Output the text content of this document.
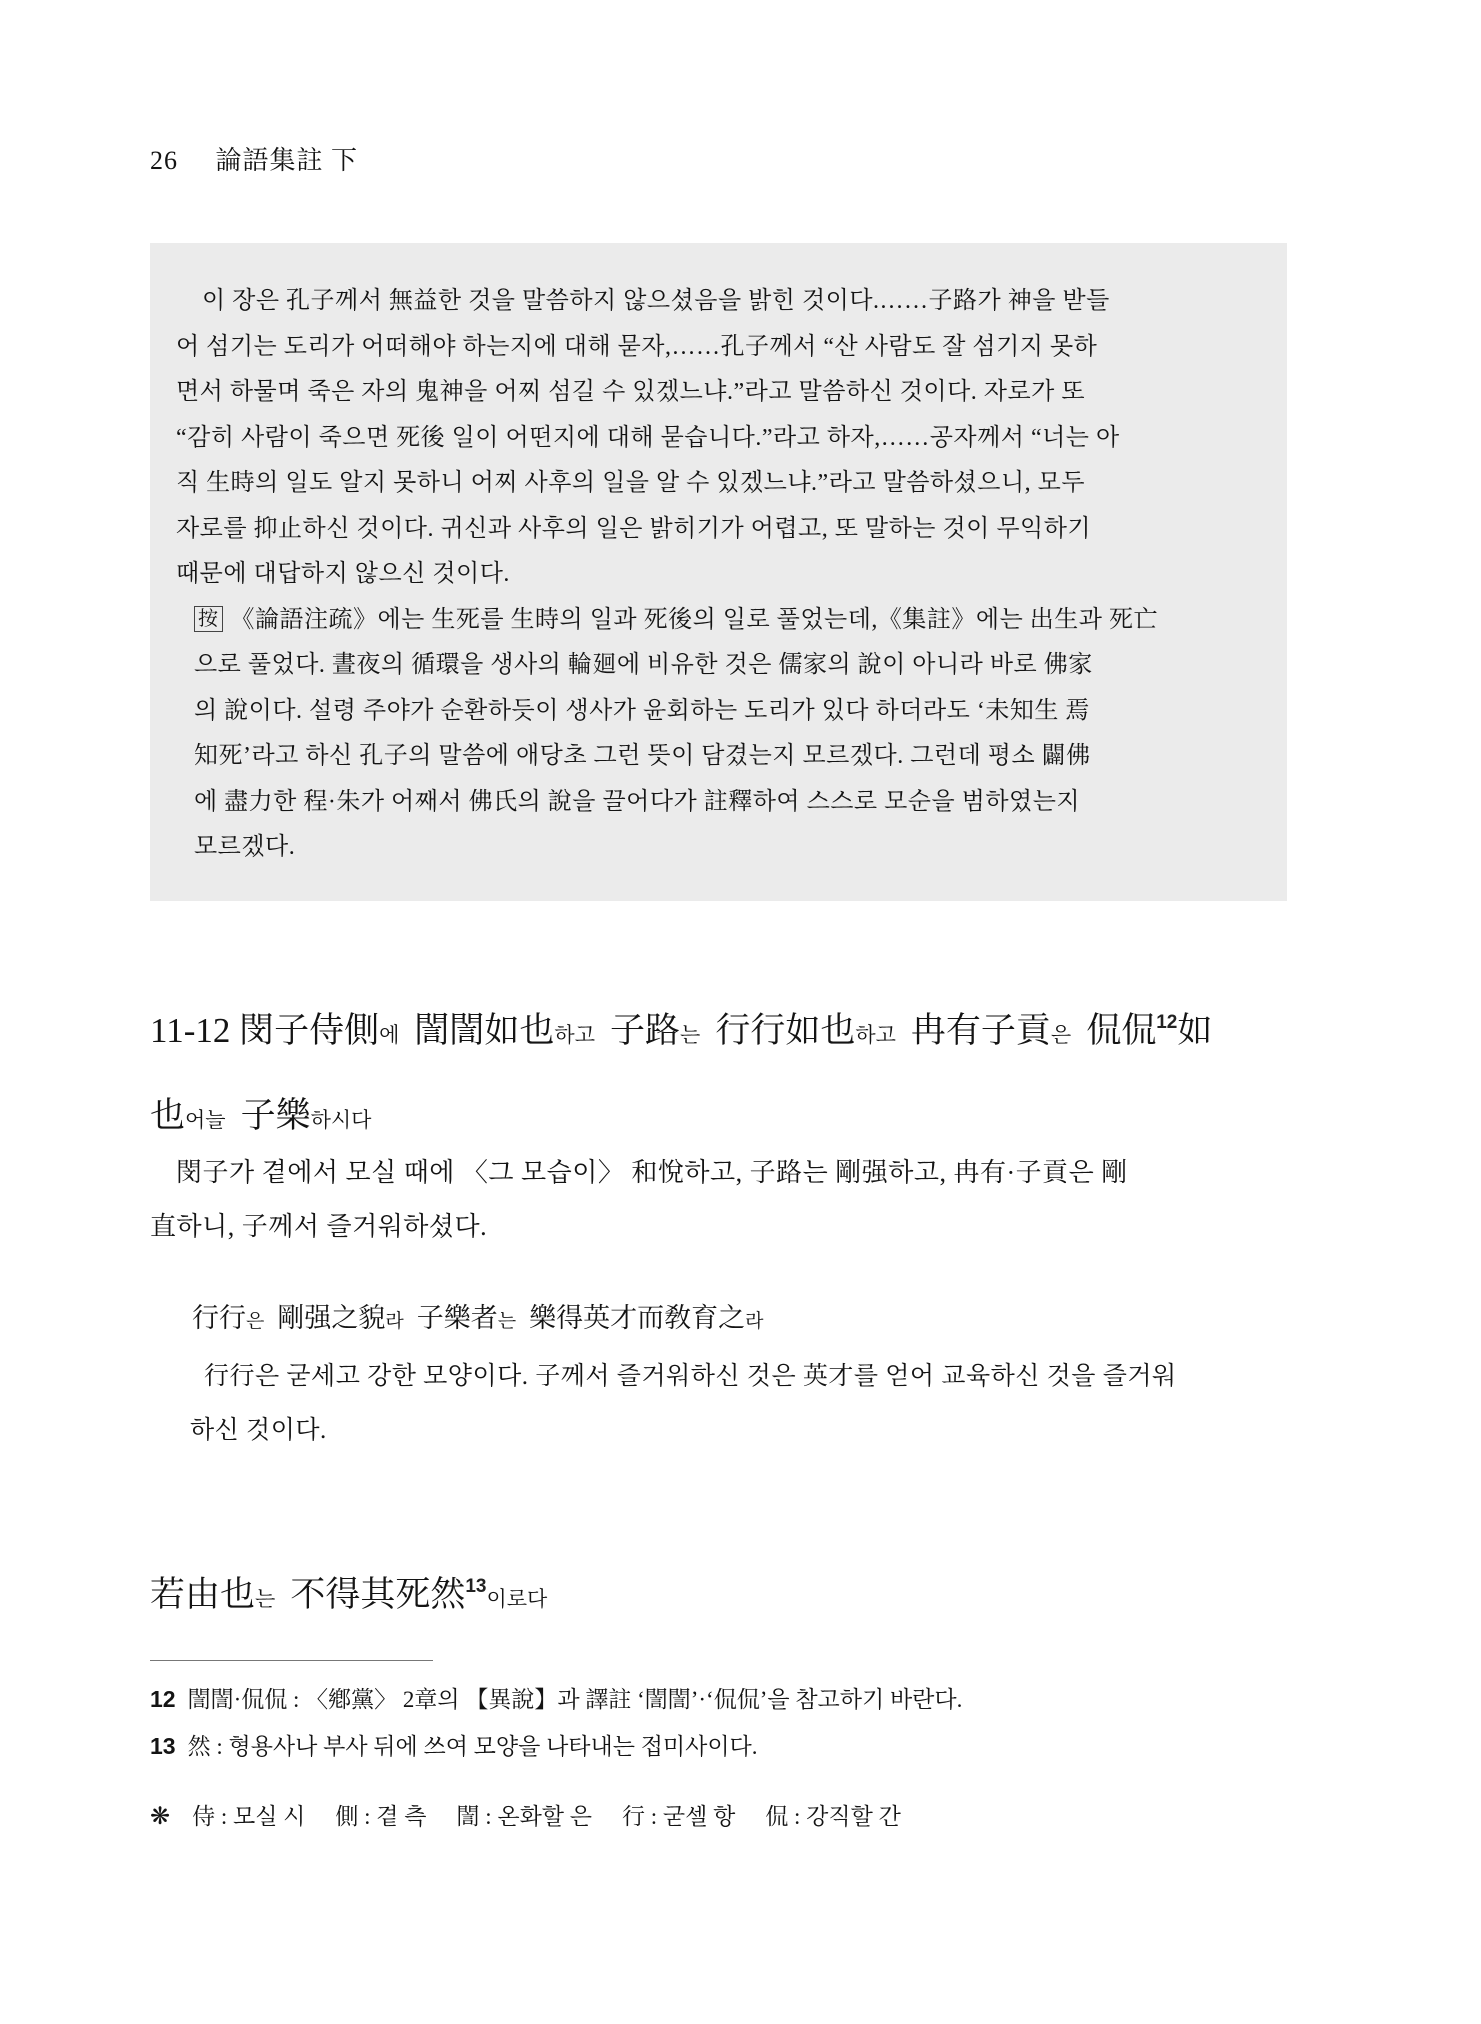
26 論語集註 下
이 장은 孔子께서 無益한 것을 말씀하지 않으셨음을 밝힌 것이다.……子路가 神을 받들
어 섬기는 도리가 어떠해야 하는지에 대해 묻자,……孔子께서 “산 사람도 잘 섬기지 못하
면서 하물며 죽은 자의 鬼神을 어찌 섬길 수 있겠느냐.”라고 말씀하신 것이다. 자로가 또
“감히 사람이 죽으면 死後 일이 어떤지에 대해 묻습니다.”라고 하자,……공자께서 “너는 아
직 生時의 일도 알지 못하니 어찌 사후의 일을 알 수 있겠느냐.”라고 말씀하셨으니, 모두
자로를 抑止하신 것이다. 귀신과 사후의 일은 밝히기가 어렵고, 또 말하는 것이 무익하기
때문에 대답하지 않으신 것이다.
按 《論語注疏》에는 生死를 生時의 일과 死後의 일로 풀었는데,《集註》에는 出生과 死亡
으로 풀었다. 晝夜의 循環을 생사의 輪廻에 비유한 것은 儒家의 說이 아니라 바로 佛家
의 說이다. 설령 주야가 순환하듯이 생사가 윤회하는 도리가 있다 하더라도 ‘未知生 焉
知死’라고 하신 孔子의 말씀에 애당초 그런 뜻이 담겼는지 모르겠다. 그런데 평소 闢佛
에 盡力한 程·朱가 어째서 佛氏의 說을 끌어다가 註釋하여 스스로 모순을 범하였는지
모르겠다.
11-12 閔子侍側에 誾誾如也하고 子路는 行行如也하고 冉有子貢은 侃侃12如
也어늘 子樂하시다
閔子가 곁에서 모실 때에 〈그 모습이〉 和悅하고, 子路는 剛强하고, 冉有·子貢은 剛
直하니, 子께서 즐거워하셨다.
行行은 剛强之貌라 子樂者는 樂得英才而敎育之라
行行은 굳세고 강한 모양이다. 子께서 즐거워하신 것은 英才를 얻어 교육하신 것을 즐거워
하신 것이다.
若由也는 不得其死然13이로다
12 誾誾·侃侃 : 〈鄕黨〉 2章의 【異說】과 譯註 ‘誾誾’·‘侃侃’을 참고하기 바란다.
13 然 : 형용사나 부사 뒤에 쓰여 모양을 나타내는 접미사이다.
❋ 侍 : 모실 시 側 : 곁 측 誾 : 온화할 은 行 : 굳셀 항 侃 : 강직할 간
